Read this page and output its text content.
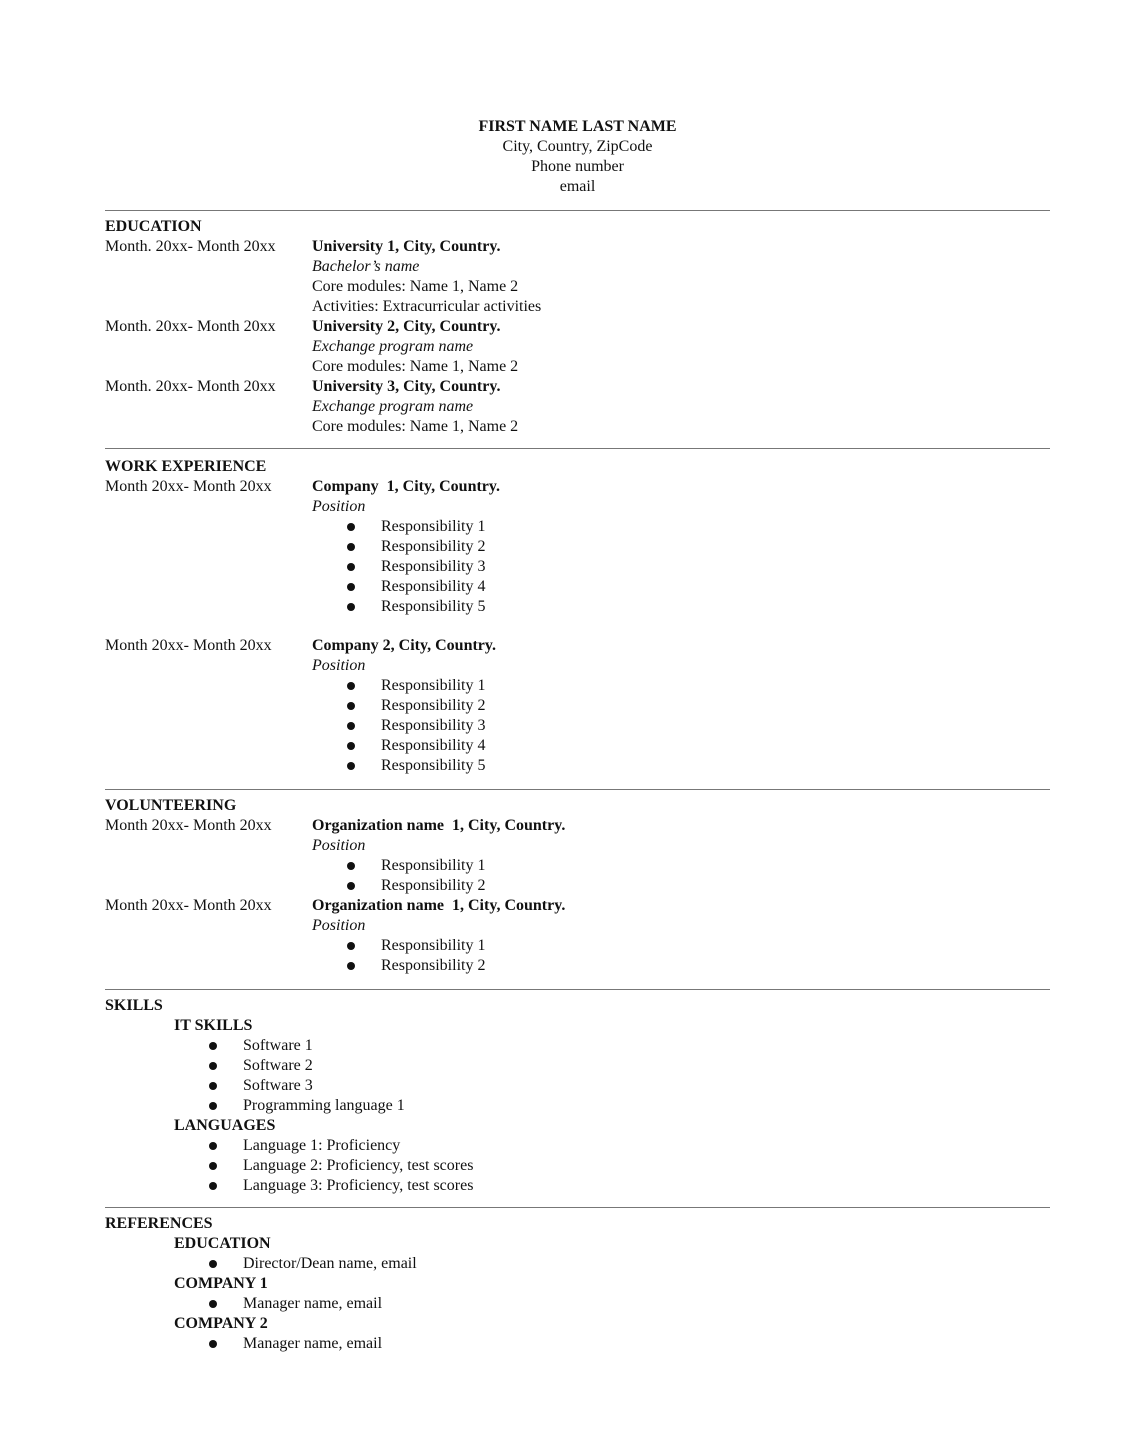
FIRST NAME LAST NAME
City, Country, ZipCode
Phone number
email
EDUCATION
Month. 20xx- Month 20xx	University 1, City, Country.
Bachelor’s name
Core modules: Name 1, Name 2
Activities: Extracurricular activities
Month. 20xx- Month 20xx	University 2, City, Country.
Exchange program name
Core modules: Name 1, Name 2
Month. 20xx- Month 20xx	University 3, City, Country.
Exchange program name
Core modules: Name 1, Name 2
WORK EXPERIENCE
Month 20xx- Month 20xx	Company  1, City, Country.
Position
Responsibility 1
Responsibility 2
Responsibility 3
Responsibility 4
Responsibility 5
Month 20xx- Month 20xx	Company 2, City, Country.
Position
Responsibility 1
Responsibility 2
Responsibility 3
Responsibility 4
Responsibility 5
VOLUNTEERING
Month 20xx- Month 20xx	Organization name  1, City, Country.
Position
Responsibility 1
Responsibility 2
Month 20xx- Month 20xx	Organization name  1, City, Country.
Position
Responsibility 1
Responsibility 2
SKILLS
IT SKILLS
Software 1
Software 2
Software 3
Programming language 1
LANGUAGES
Language 1: Proficiency
Language 2: Proficiency, test scores
Language 3: Proficiency, test scores
REFERENCES
EDUCATION
Director/Dean name, email
COMPANY 1
Manager name, email
COMPANY 2
Manager name, email
